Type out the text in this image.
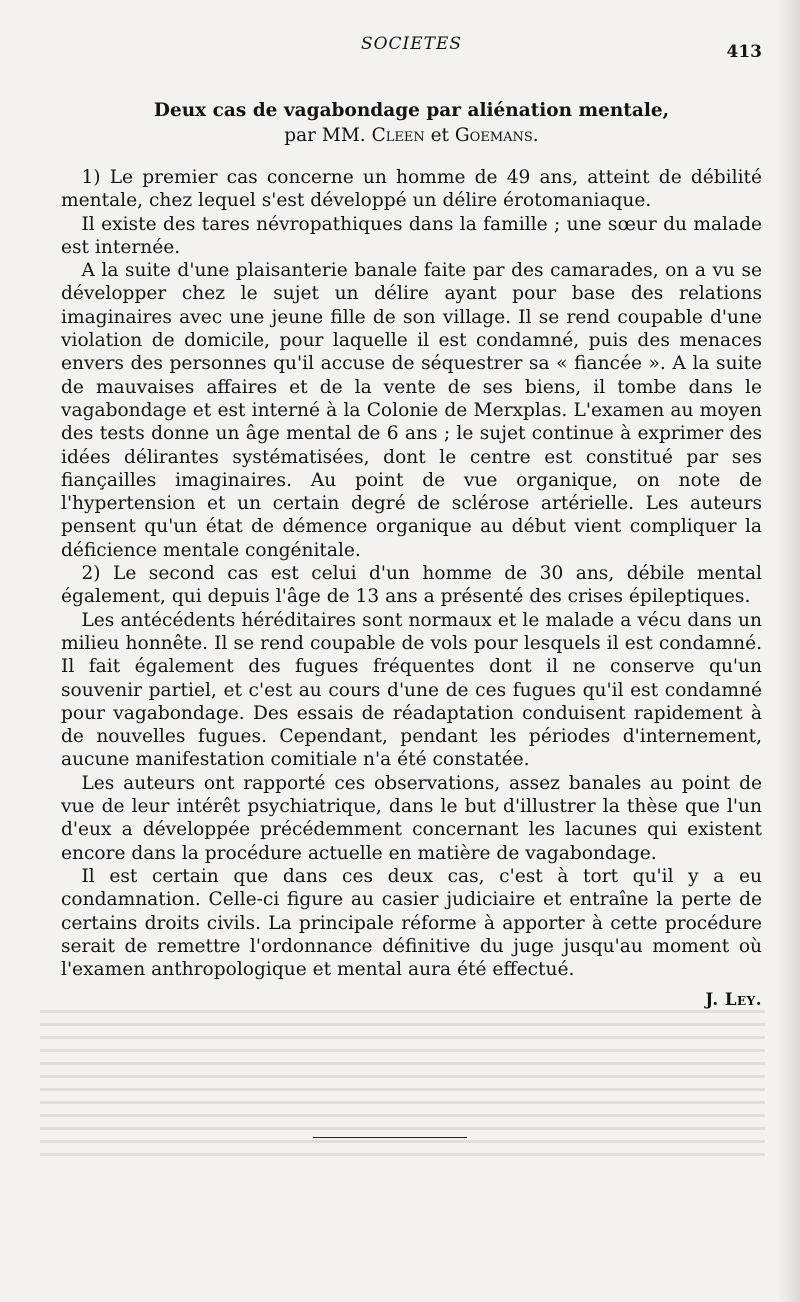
SOCIETES	413
Deux cas de vagabondage par aliénation mentale,
par MM. Cleen et Goemans.

1) Le premier cas concerne un homme de 49 ans, atteint de débilité mentale, chez lequel s'est développé un délire érotomaniaque.

Il existe des tares névropathiques dans la famille ; une sœur du malade est internée.

A la suite d'une plaisanterie banale faite par des camarades, on a vu se développer chez le sujet un délire ayant pour base des relations imaginaires avec une jeune fille de son village. Il se rend coupable d'une violation de domicile, pour laquelle il est condamné, puis des menaces envers des personnes qu'il accuse de séquestrer sa « fiancée ». A la suite de mauvaises affaires et de la vente de ses biens, il tombe dans le vagabondage et est interné à la Colonie de Merxplas. L'examen au moyen des tests donne un âge mental de 6 ans ; le sujet continue à exprimer des idées délirantes systématisées, dont le centre est constitué par ses fiançailles imaginaires. Au point de vue organique, on note de l'hypertension et un certain degré de sclérose artérielle. Les auteurs pensent qu'un état de démence organique au début vient compliquer la déficience mentale congénitale.

2) Le second cas est celui d'un homme de 30 ans, débile mental également, qui depuis l'âge de 13 ans a présenté des crises épileptiques.

Les antécédents héréditaires sont normaux et le malade a vécu dans un milieu honnête. Il se rend coupable de vols pour lesquels il est condamné. Il fait également des fugues fréquentes dont il ne conserve qu'un souvenir partiel, et c'est au cours d'une de ces fugues qu'il est condamné pour vagabondage. Des essais de réadaptation conduisent rapidement à de nouvelles fugues. Cependant, pendant les périodes d'internement, aucune manifestation comitiale n'a été constatée.

Les auteurs ont rapporté ces observations, assez banales au point de vue de leur intérêt psychiatrique, dans le but d'illustrer la thèse que l'un d'eux a développée précédemment concernant les lacunes qui existent encore dans la procédure actuelle en matière de vagabondage.

Il est certain que dans ces deux cas, c'est à tort qu'il y a eu condamnation. Celle-ci figure au casier judiciaire et entraîne la perte de certains droits civils. La principale réforme à apporter à cette procédure serait de remettre l'ordonnance définitive du juge jusqu'au moment où l'examen anthropologique et mental aura été effectué.

J. Ley.
